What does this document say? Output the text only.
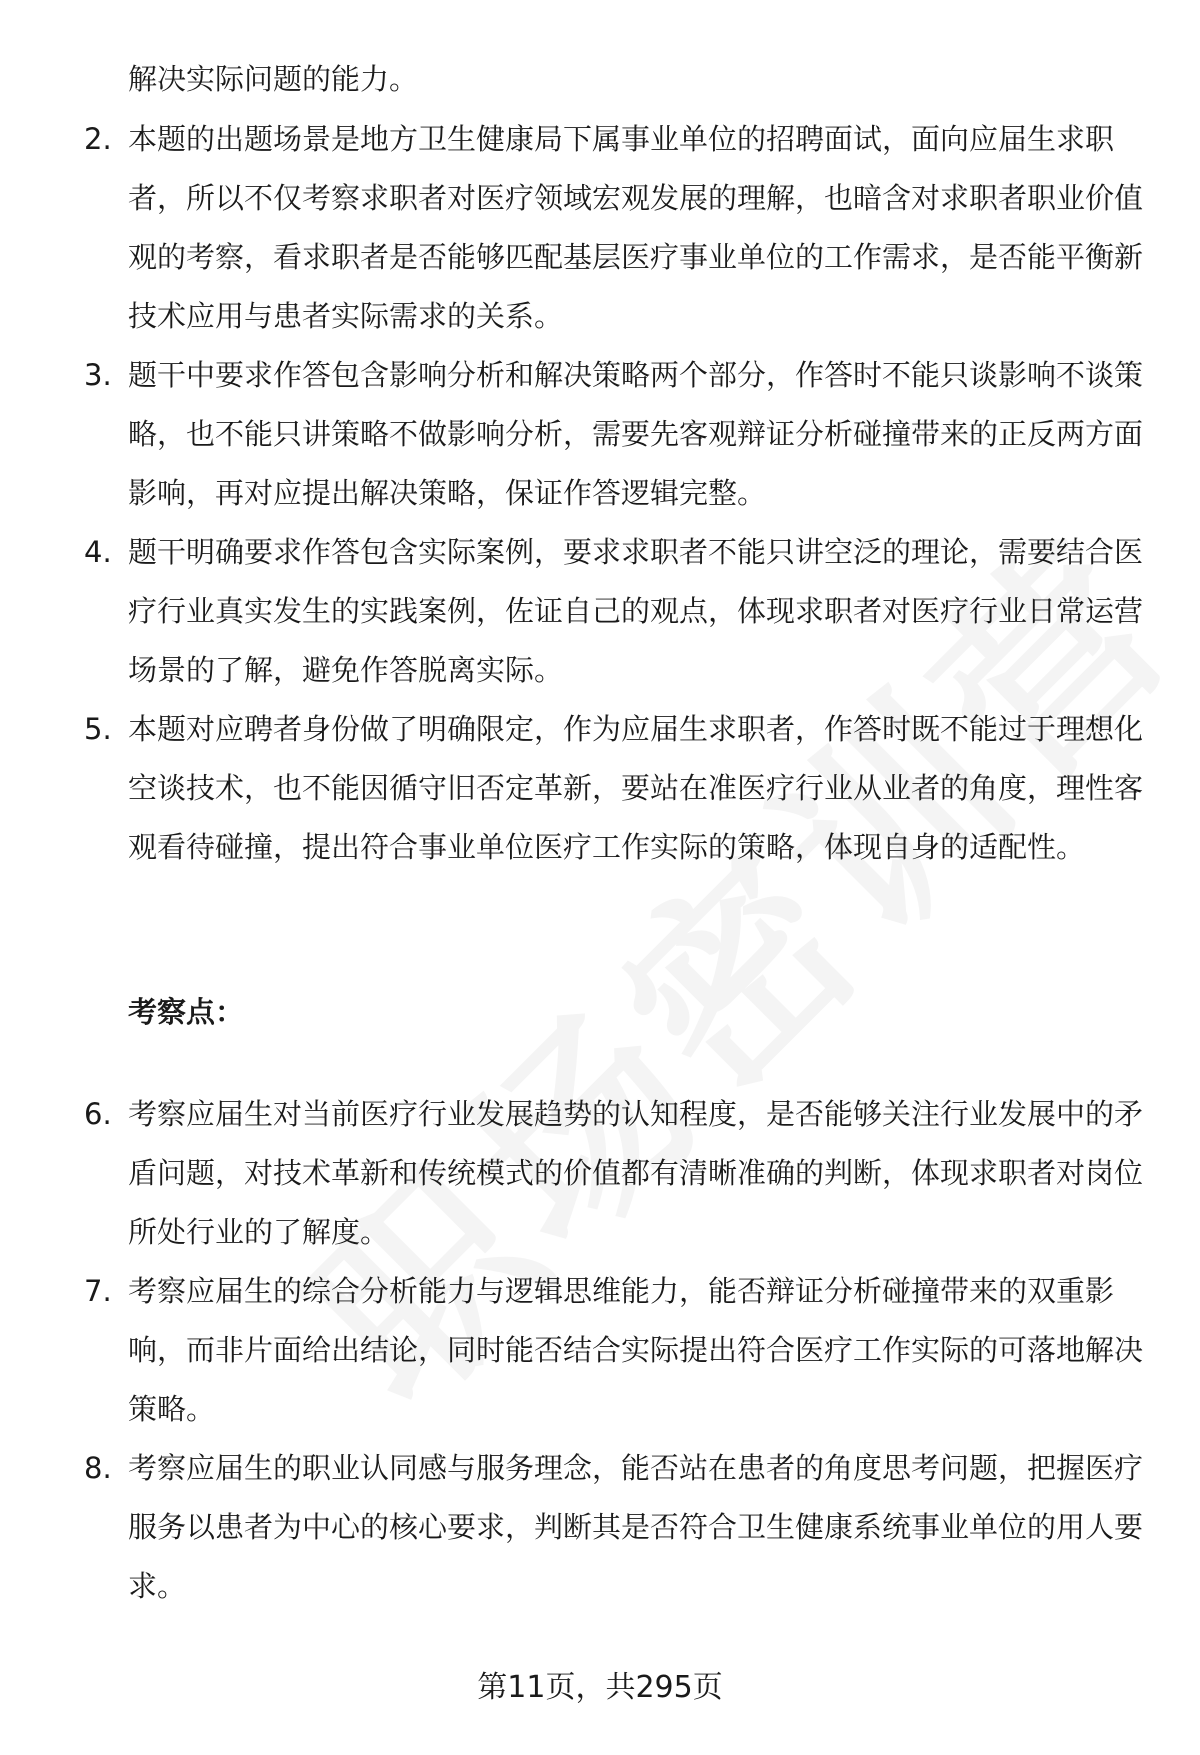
解决实际问题的能力。
2. 本题的出题场景是地方卫生健康局下属事业单位的招聘面试，面向应届生求职者，所以不仅考察求职者对医疗领域宏观发展的理解，也暗含对求职者职业价值观的考察，看求职者是否能够匹配基层医疗事业单位的工作需求，是否能平衡新技术应用与患者实际需求的关系。
3. 题干中要求作答包含影响分析和解决策略两个部分，作答时不能只谈影响不谈策略，也不能只讲策略不做影响分析，需要先客观辩证分析碰撞带来的正反两方面影响，再对应提出解决策略，保证作答逻辑完整。
4. 题干明确要求作答包含实际案例，要求求职者不能只讲空泛的理论，需要结合医疗行业真实发生的实践案例，佐证自己的观点，体现求职者对医疗行业日常运营场景的了解，避免作答脱离实际。
5. 本题对应聘者身份做了明确限定，作为应届生求职者，作答时既不能过于理想化空谈技术，也不能因循守旧否定革新，要站在准医疗行业从业者的角度，理性客观看待碰撞，提出符合事业单位医疗工作实际的策略，体现自身的适配性。
考察点：
6. 考察应届生对当前医疗行业发展趋势的认知程度，是否能够关注行业发展中的矛盾问题，对技术革新和传统模式的价值都有清晰准确的判断，体现求职者对岗位所处行业的了解度。
7. 考察应届生的综合分析能力与逻辑思维能力，能否辩证分析碰撞带来的双重影响，而非片面给出结论，同时能否结合实际提出符合医疗工作实际的可落地解决策略。
8. 考察应届生的职业认同感与服务理念，能否站在患者的角度思考问题，把握医疗服务以患者为中心的核心要求，判断其是否符合卫生健康系统事业单位的用人要求。
第11页，共295页
